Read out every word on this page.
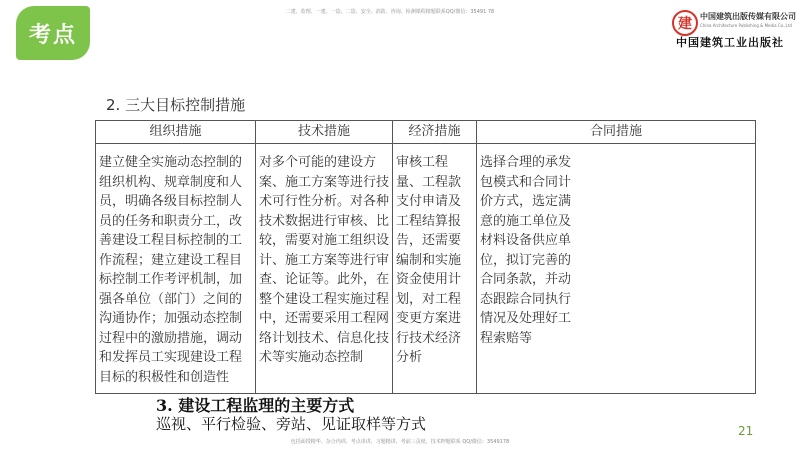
考点
二建、监理、一建、一造、二造、安全、消防、咨询、检测课程精题联系QQ/微信：35491 78
建	中国建筑出版传媒有限公司
China Architecture Publishing & Media Co.,Ltd
中国建筑工业出版社
2. 三大目标控制措施
组织措施	技术措施	经济措施	合同措施
建立健全实施动态控制的组织机构、规章制度和人员，明确各级目标控制人员的任务和职责分工，改善建设工程目标控制的工作流程；建立建设工程目标控制工作考评机制，加强各单位（部门）之间的沟通协作；加强动态控制过程中的激励措施，调动和发挥员工实现建设工程目标的积极性和创造性	对多个可能的建设方案、施工方案等进行技术可行性分析。对各种技术数据进行审核、比较，需要对施工组织设计、施工方案等进行审查、论证等。此外，在整个建设工程实施过程中，还需要采用工程网络计划技术、信息化技术等实施动态控制	审核工程量、工程款支付申请及工程结算报告，还需要编制和实施资金使用计划，对工程变更方案进行技术经济分析	选择合理的承发包模式和合同计价方式，选定满意的施工单位及材料设备供应单位，拟订完善的合同条款，并动态跟踪合同执行情况及处理好工程索赔等
3. 建设工程监理的主要方式
巡视、平行检验、旁站、见证取样等方式
包括面授精华、杂合内训、考点串讲、习题精讲、考前三页纸，技术押题联系 QQ/微信：3549178
21
